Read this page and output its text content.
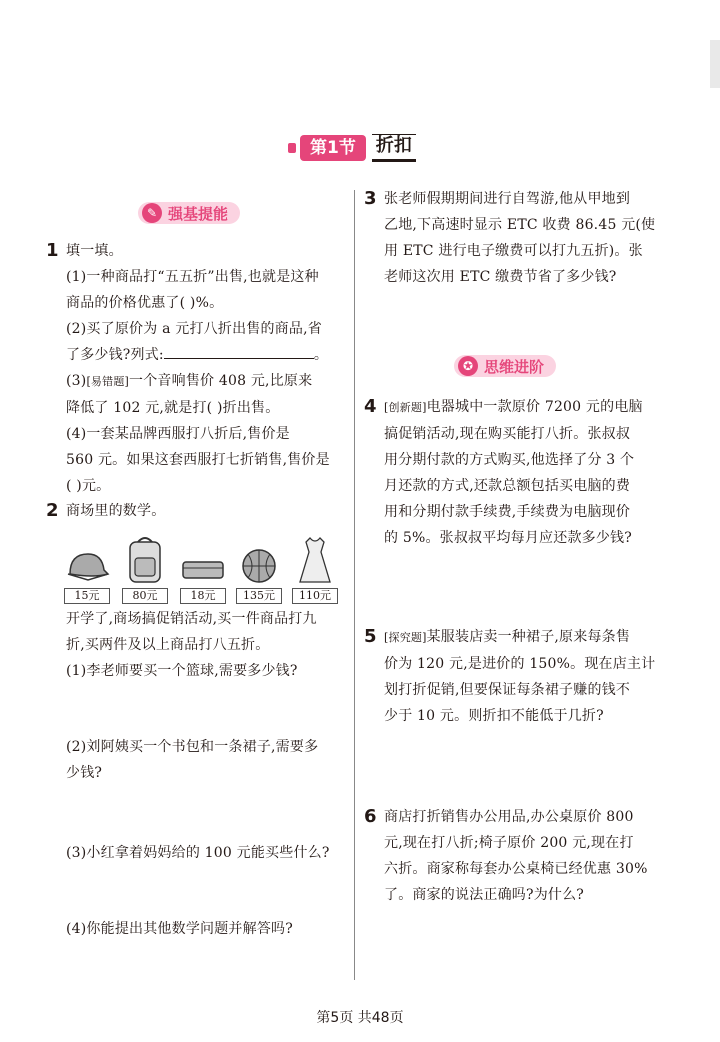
第1节	折扣
✎ 强基提能
1 填一填。
(1)一种商品打“五五折”出售,也就是这种
商品的价格优惠了( )%。
(2)买了原价为 a 元打八折出售的商品,省
了多少钱?列式:	。
(3)[易错题]一个音响售价 408 元,比原来
降低了 102 元,就是打( )折出售。
(4)一套某品牌西服打八折后,售价是
560 元。如果这套西服打七折销售,售价是
( )元。
2 商场里的数学。
15元	80元	18元	135元	110元
开学了,商场搞促销活动,买一件商品打九
折,买两件及以上商品打八五折。
(1)李老师要买一个篮球,需要多少钱?
(2)刘阿姨买一个书包和一条裙子,需要多
少钱?
(3)小红拿着妈妈给的 100 元能买些什么?
(4)你能提出其他数学问题并解答吗?
3 张老师假期期间进行自驾游,他从甲地到
乙地,下高速时显示 ETC 收费 86.45 元(使
用 ETC 进行电子缴费可以打九五折)。张
老师这次用 ETC 缴费节省了多少钱?
✪ 思维进阶
4 [创新题]电器城中一款原价 7200 元的电脑
搞促销活动,现在购买能打八折。张叔叔
用分期付款的方式购买,他选择了分 3 个
月还款的方式,还款总额包括买电脑的费
用和分期付款手续费,手续费为电脑现价
的 5%。张叔叔平均每月应还款多少钱?
5 [探究题]某服装店卖一种裙子,原来每条售
价为 120 元,是进价的 150%。现在店主计
划打折促销,但要保证每条裙子赚的钱不
少于 10 元。则折扣不能低于几折?
6 商店打折销售办公用品,办公桌原价 800
元,现在打八折;椅子原价 200 元,现在打
六折。商家称每套办公桌椅已经优惠 30%
了。商家的说法正确吗?为什么?
第5页 共48页
